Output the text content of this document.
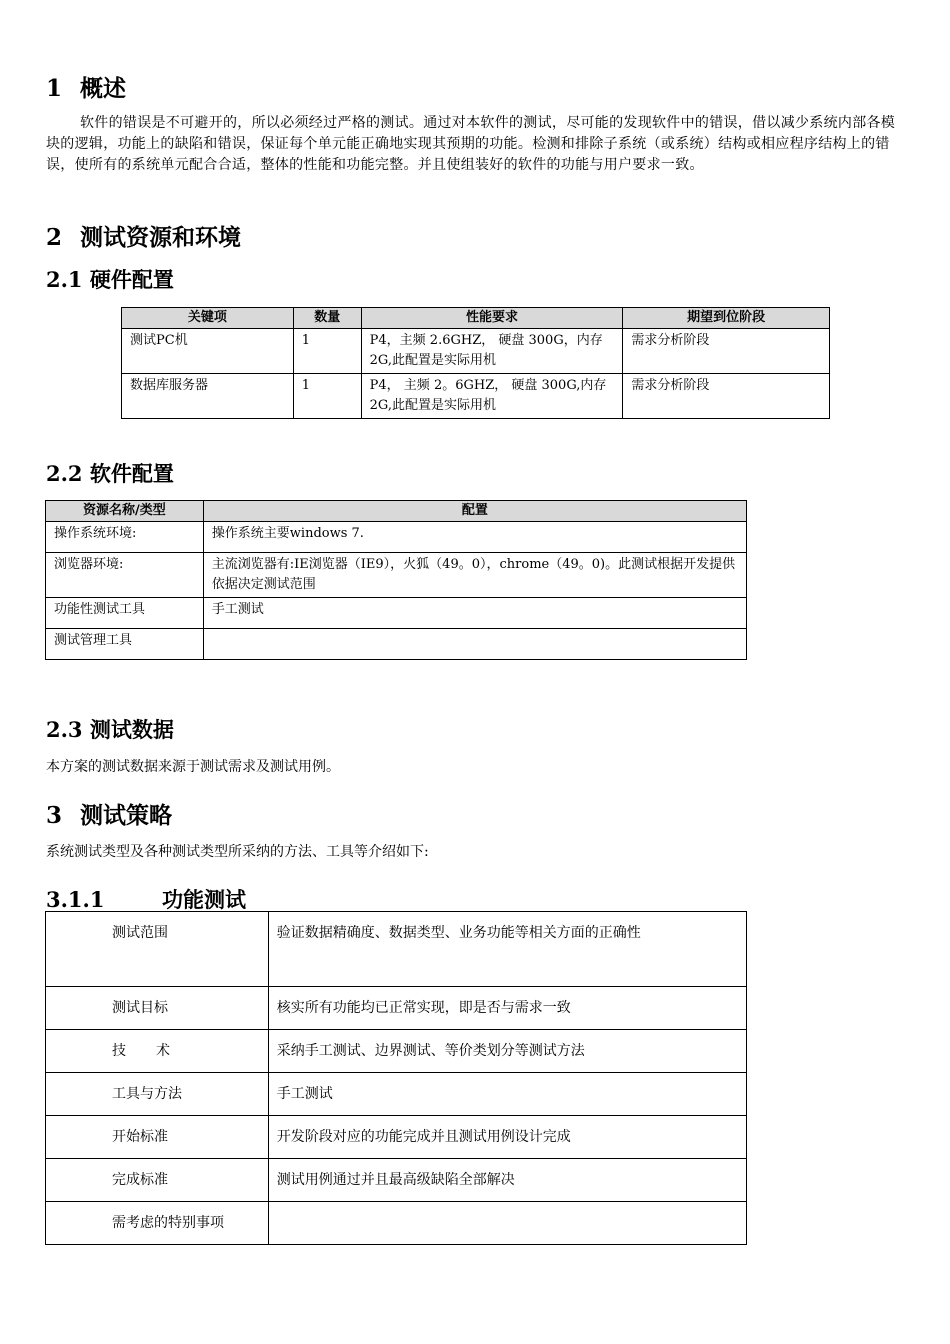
1 概述

软件的错误是不可避开的，所以必须经过严格的测试。通过对本软件的测试，尽可能的发现软件中的错误，借以减少系统内部各模块的逻辑，功能上的缺陷和错误，保证每个单元能正确地实现其预期的功能。检测和排除子系统（或系统）结构或相应程序结构上的错误，使所有的系统单元配合合适，整体的性能和功能完整。并且使组装好的软件的功能与用户要求一致。

2 测试资源和环境
2.1 硬件配置
关键项	数量	性能要求	期望到位阶段
测试PC机	1	P4，主频 2.6GHZ， 硬盘 300G，内存2G,此配置是实际用机	需求分析阶段
数据库服务器	1	P4， 主频 2。6GHZ， 硬盘 300G,内存2G,此配置是实际用机	需求分析阶段
2.2 软件配置
资源名称/类型	配置
操作系统环境:	操作系统主要windows 7.
浏览器环境:	主流浏览器有:IE浏览器（IE9），火狐（49。0），chrome（49。0)。此测试根据开发提供依据决定测试范围
功能性测试工具	手工测试
测试管理工具	
2.3 测试数据

本方案的测试数据来源于测试需求及测试用例。

3 测试策略

系统测试类型及各种测试类型所采纳的方法、工具等介绍如下:

3.1.1	功能测试
测试范围	验证数据精确度、数据类型、业务功能等相关方面的正确性
测试目标	核实所有功能均已正常实现，即是否与需求一致
技术	采纳手工测试、边界测试、等价类划分等测试方法
工具与方法	手工测试
开始标准	开发阶段对应的功能完成并且测试用例设计完成
完成标准	测试用例通过并且最高级缺陷全部解决
需考虑的特别事项	
